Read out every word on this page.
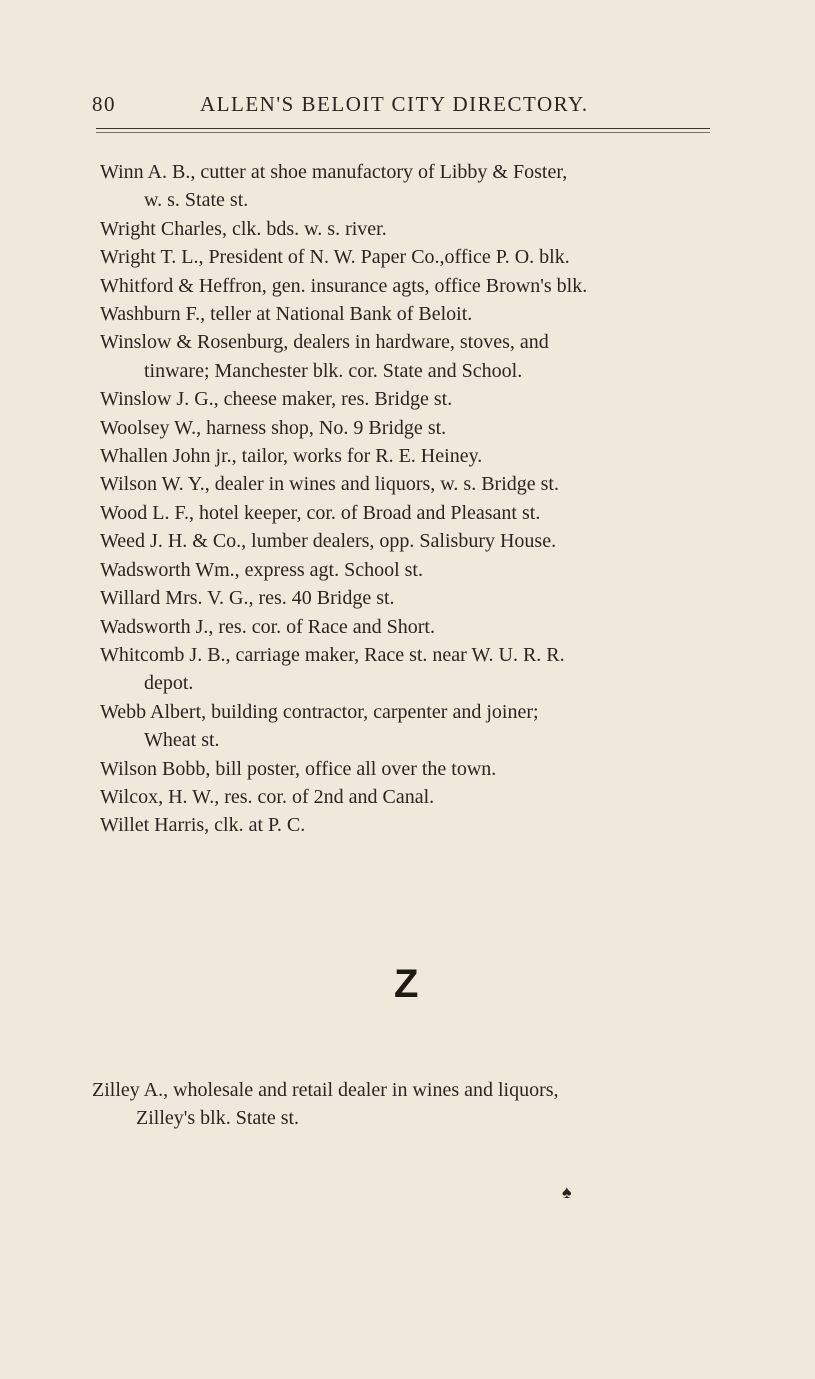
80	ALLEN'S BELOIT CITY DIRECTORY.
Winn A. B., cutter at shoe manufactory of Libby & Foster,
w. s. State st.
Wright Charles, clk. bds. w. s. river.
Wright T. L., President of N. W. Paper Co.,office P. O. blk.
Whitford & Heffron, gen. insurance agts, office Brown's blk.
Washburn F., teller at National Bank of Beloit.
Winslow & Rosenburg, dealers in hardware, stoves, and
tinware; Manchester blk. cor. State and School.
Winslow J. G., cheese maker, res. Bridge st.
Woolsey W., harness shop, No. 9 Bridge st.
Whallen John jr., tailor, works for R. E. Heiney.
Wilson W. Y., dealer in wines and liquors, w. s. Bridge st.
Wood L. F., hotel keeper, cor. of Broad and Pleasant st.
Weed J. H. & Co., lumber dealers, opp. Salisbury House.
Wadsworth Wm., express agt. School st.
Willard Mrs. V. G., res. 40 Bridge st.
Wadsworth J., res. cor. of Race and Short.
Whitcomb J. B., carriage maker, Race st. near W. U. R. R.
depot.
Webb Albert, building contractor, carpenter and joiner;
Wheat st.
Wilson Bobb, bill poster, office all over the town.
Wilcox, H. W., res. cor. of 2nd and Canal.
Willet Harris, clk. at P. C.
Z
Zilley A., wholesale and retail dealer in wines and liquors,
Zilley's blk. State st.
♠
